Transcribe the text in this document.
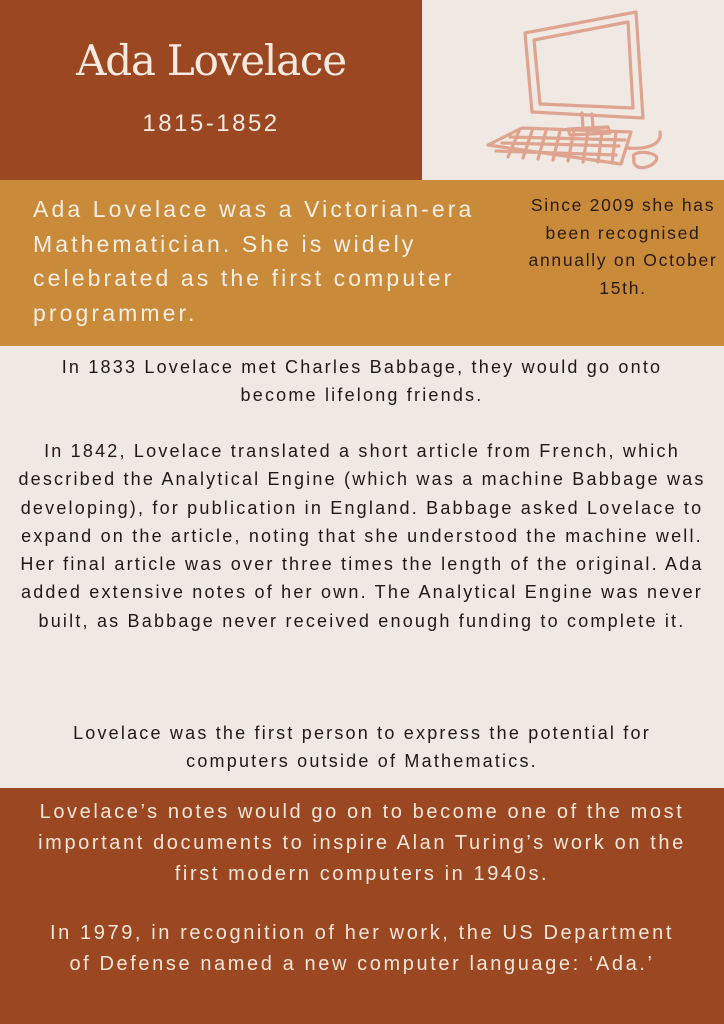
Ada Lovelace
1815-1852
Ada Lovelace was a Victorian-era Mathematician. She is widely celebrated as the first computer programmer.
Since 2009 she has been recognised annually on October 15th.

In 1833 Lovelace met Charles Babbage, they would go onto become lifelong friends.

In 1842, Lovelace translated a short article from French, which described the Analytical Engine (which was a machine Babbage was developing), for publication in England. Babbage asked Lovelace to expand on the article, noting that she understood the machine well. Her final article was over three times the length of the original. Ada added extensive notes of her own. The Analytical Engine was never built, as Babbage never received enough funding to complete it.

Lovelace was the first person to express the potential for computers outside of Mathematics.

Lovelace’s notes would go on to become one of the most important documents to inspire Alan Turing’s work on the first modern computers in 1940s.

In 1979, in recognition of her work, the US Department of Defense named a new computer language: ‘Ada.’
